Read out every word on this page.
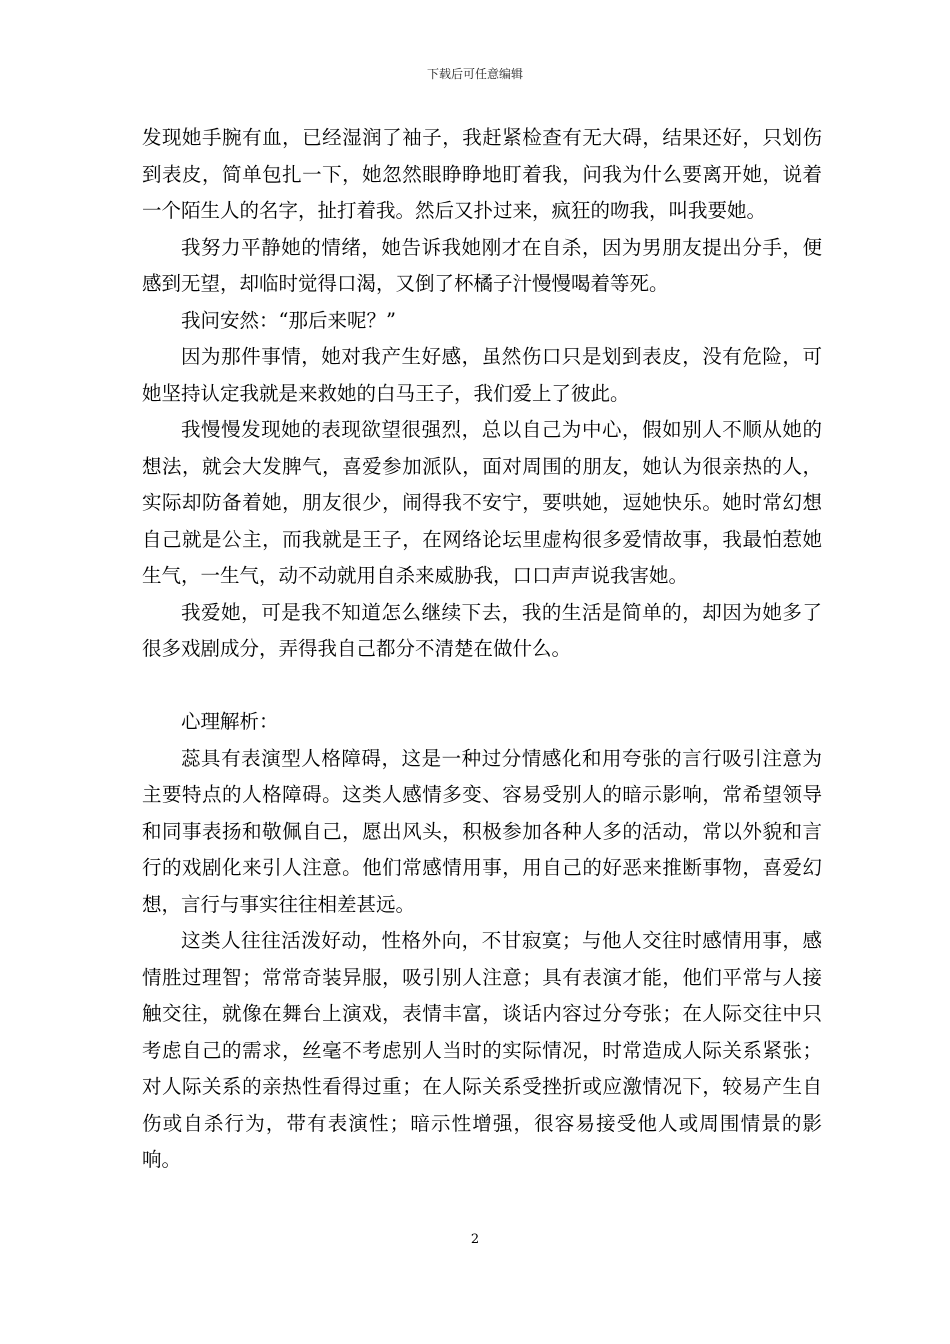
下载后可任意编辑

发现她手腕有血，已经湿润了袖子，我赶紧检查有无大碍，结果还好，只划伤到表皮，简单包扎一下，她忽然眼睁睁地盯着我，问我为什么要离开她，说着一个陌生人的名字，扯打着我。然后又扑过来，疯狂的吻我，叫我要她。

我努力平静她的情绪，她告诉我她刚才在自杀，因为男朋友提出分手，便感到无望，却临时觉得口渴，又倒了杯橘子汁慢慢喝着等死。

我问安然：“那后来呢？”

因为那件事情，她对我产生好感，虽然伤口只是划到表皮，没有危险，可她坚持认定我就是来救她的白马王子，我们爱上了彼此。

我慢慢发现她的表现欲望很强烈，总以自己为中心，假如别人不顺从她的想法，就会大发脾气，喜爱参加派队，面对周围的朋友，她认为很亲热的人，实际却防备着她，朋友很少，闹得我不安宁，要哄她，逗她快乐。她时常幻想自己就是公主，而我就是王子，在网络论坛里虚构很多爱情故事，我最怕惹她生气，一生气，动不动就用自杀来威胁我，口口声声说我害她。

我爱她，可是我不知道怎么继续下去，我的生活是简单的，却因为她多了很多戏剧成分，弄得我自己都分不清楚在做什么。

心理解析：

蕊具有表演型人格障碍，这是一种过分情感化和用夸张的言行吸引注意为主要特点的人格障碍。这类人感情多变、容易受别人的暗示影响，常希望领导和同事表扬和敬佩自己，愿出风头，积极参加各种人多的活动，常以外貌和言行的戏剧化来引人注意。他们常感情用事，用自己的好恶来推断事物，喜爱幻想，言行与事实往往相差甚远。

这类人往往活泼好动，性格外向，不甘寂寞；与他人交往时感情用事，感情胜过理智；常常奇装异服，吸引别人注意；具有表演才能，他们平常与人接触交往，就像在舞台上演戏，表情丰富，谈话内容过分夸张；在人际交往中只考虑自己的需求，丝毫不考虑别人当时的实际情况，时常造成人际关系紧张；对人际关系的亲热性看得过重；在人际关系受挫折或应激情况下，较易产生自伤或自杀行为，带有表演性；暗示性增强，很容易接受他人或周围情景的影响。

2
